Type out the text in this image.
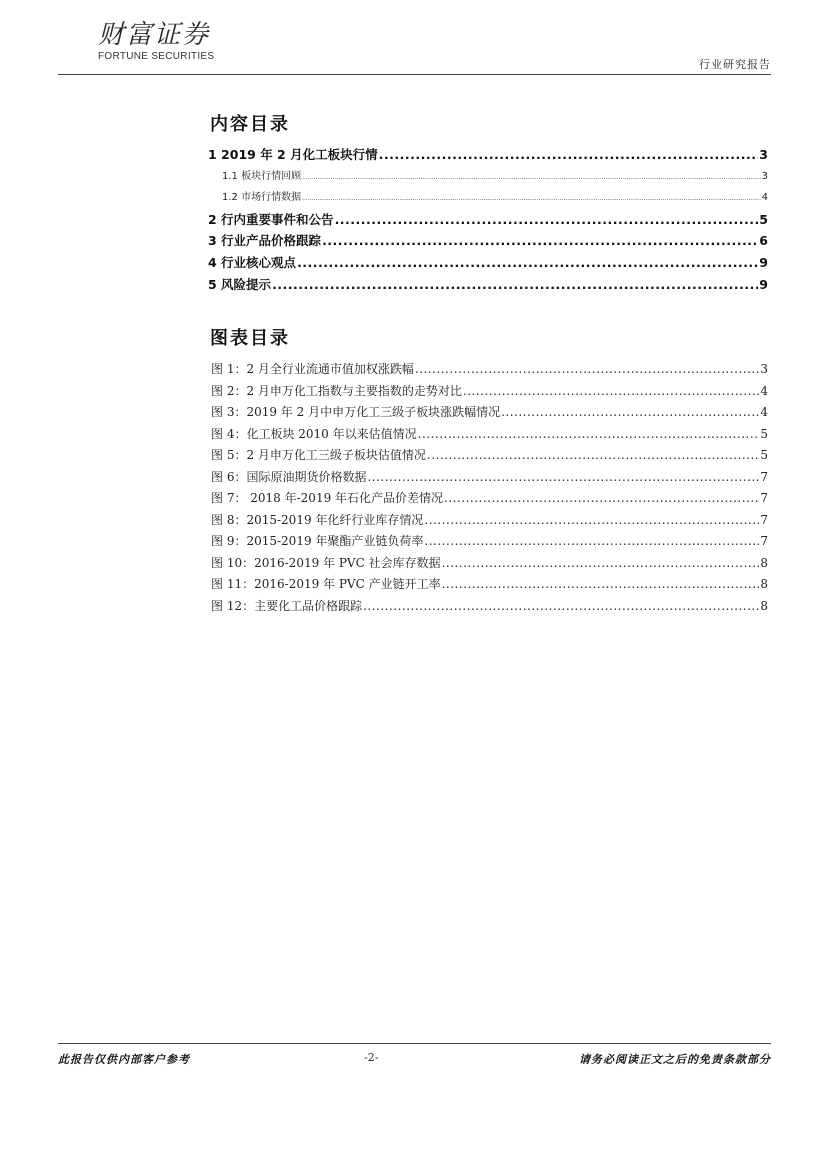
财富证券
FORTUNE SECURITIES
行业研究报告
内容目录
1 2019 年 2 月化工板块行情 .....	3
1.1 板块行情回顾 .....	3
1.2 市场行情数据 .....	4
2 行内重要事件和公告 .....	5
3 行业产品价格跟踪 .....	6
4 行业核心观点 .....	9
5 风险提示 .....	9
图表目录
图 1：2 月全行业流通市值加权涨跌幅 .....	3
图 2：2 月申万化工指数与主要指数的走势对比 .....	4
图 3：2019 年 2 月中申万化工三级子板块涨跌幅情况 .....	4
图 4：化工板块 2010 年以来估值情况 .....	5
图 5：2 月申万化工三级子板块估值情况 .....	5
图 6：国际原油期货价格数据 .....	7
图 7： 2018 年-2019 年石化产品价差情况 .....	7
图 8：2015-2019 年化纤行业库存情况 .....	7
图 9：2015-2019 年聚酯产业链负荷率 .....	7
图 10：2016-2019 年 PVC 社会库存数据 .....	8
图 11：2016-2019 年 PVC 产业链开工率 .....	8
图 12：主要化工品价格跟踪 .....	8
此报告仅供内部客户参考	-2-	请务必阅读正文之后的免责条款部分
